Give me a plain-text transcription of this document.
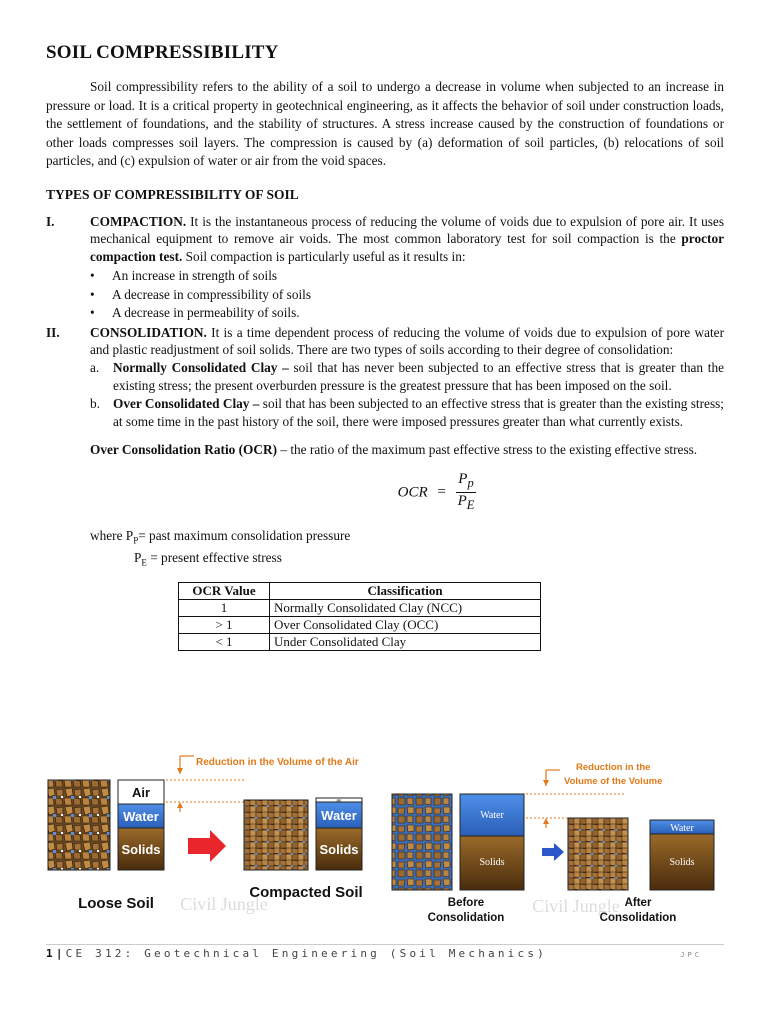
SOIL COMPRESSIBILITY

Soil compressibility refers to the ability of a soil to undergo a decrease in volume when subjected to an increase in pressure or load. It is a critical property in geotechnical engineering, as it affects the behavior of soil under construction loads, the settlement of foundations, and the stability of structures. A stress increase caused by the construction of foundations or other loads compresses soil layers. The compression is caused by (a) deformation of soil particles, (b) relocations of soil particles, and (c) expulsion of water or air from the void spaces.

TYPES OF COMPRESSIBILITY OF SOIL
I.	COMPACTION. It is the instantaneous process of reducing the volume of voids due to expulsion of pore air. It uses mechanical equipment to remove air voids. The most common laboratory test for soil compaction is the proctor compaction test. Soil compaction is particularly useful as it results in:
• An increase in strength of soils
• A decrease in compressibility of soils
• A decrease in permeability of soils.
II. CONSOLIDATION. It is a time dependent process of reducing the volume of voids due to expulsion of pore water and plastic readjustment of soil solids. There are two types of soils according to their degree of consolidation:
a. Normally Consolidated Clay – soil that has never been subjected to an effective stress that is greater than the existing stress; the present overburden pressure is the greatest pressure that has been imposed on the soil.
b. Over Consolidated Clay – soil that has been subjected to an effective stress that is greater than the existing stress; at some time in the past history of the soil, there were imposed pressures greater than what currently exists.
Over Consolidation Ratio (OCR) – the ratio of the maximum past effective stress to the existing effective stress.
OCR = $\frac{P_p}{P_E}$
where $P_P=$ past maximum consolidation pressure
$P_E$ = present effective stress
OCR Value	Classification
1	Normally Consolidated Clay (NCC)
> 1	Over Consolidated Clay (OCC)
< 1	Under Consolidated Clay
Air
Water
Solids
Reduction in the Volume of the Air
Air
Water
Solids
Loose Soil
Compacted Soil
Civil Jungle
Water
Solids
Reduction in the
Volume of the Volume
Water
Solids
Before
Consolidation
After
Consolidation
Civil Jungle
1|CE 312: Geotechnical Engineering (Soil Mechanics)	JPC
